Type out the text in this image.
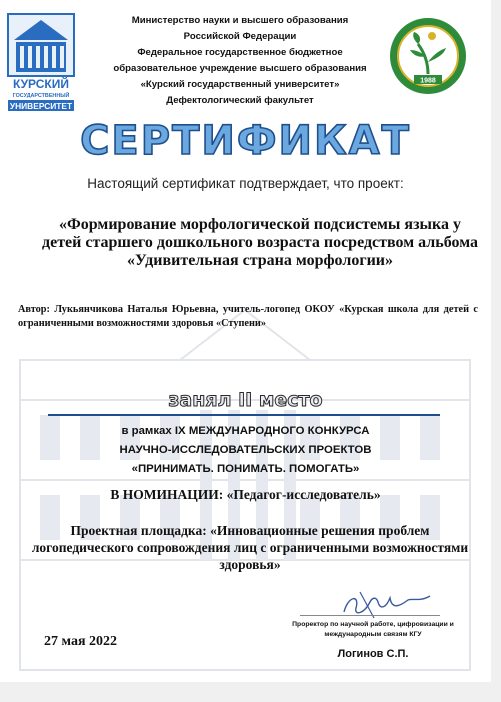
КУРСКИЙ
ГОСУДАРСТВЕННЫЙ
УНИВЕРСИТЕТ
1988
Министерство науки и высшего образования
Российской Федерации
Федеральное государственное бюджетное
образовательное учреждение высшего образования
«Курский государственный университет»
Дефектологический факультет
СЕРТИФИКАТ
Настоящий сертификат подтверждает, что проект:
«Формирование морфологической подсистемы языка у детей старшего дошкольного возраста посредством альбома «Удивительная страна морфологии»
Автор: Лукьянчикова Наталья Юрьевна, учитель-логопед ОКОУ «Курская школа для детей с ограниченными возможностями здоровья «Ступени»
занял II место
в рамках IX МЕЖДУНАРОДНОГО КОНКУРСА
НАУЧНО-ИССЛЕДОВАТЕЛЬСКИХ ПРОЕКТОВ
«ПРИНИМАТЬ. ПОНИМАТЬ. ПОМОГАТЬ»
В НОМИНАЦИИ: «Педагог-исследователь»
Проектная площадка: «Инновационные решения проблем логопедического сопровождения лиц с ограниченными возможностями здоровья»
27 мая 2022
Проректор по научной работе, цифровизации и
международным связям КГУ
Логинов С.П.
